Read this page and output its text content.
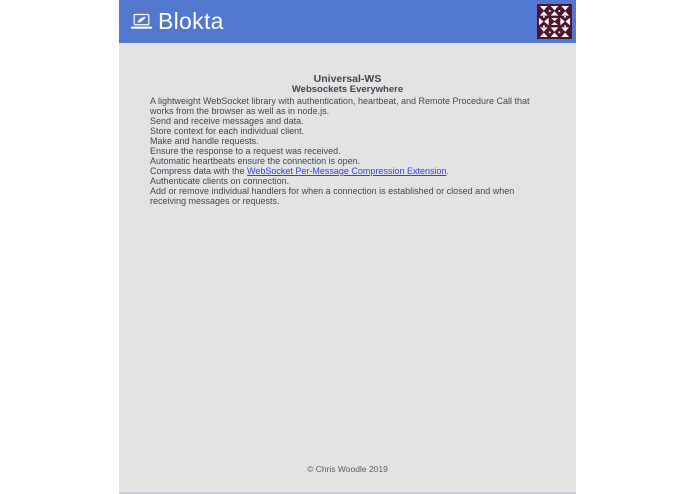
Blokta
Universal-WS
Websockets Everywhere
A lightweight WebSocket library with authentication, heartbeat, and Remote Procedure Call that works from the browser as well as in node.js.
Send and receive messages and data.
Store context for each individual client.
Make and handle requests.
Ensure the response to a request was received.
Automatic heartbeats ensure the connection is open.
Compress data with the WebSocket Per-Message Compression Extension.
Authenticate clients on connection.
Add or remove individual handlers for when a connection is established or closed and when receiving messages or requests.
© Chris Woodle 2019
